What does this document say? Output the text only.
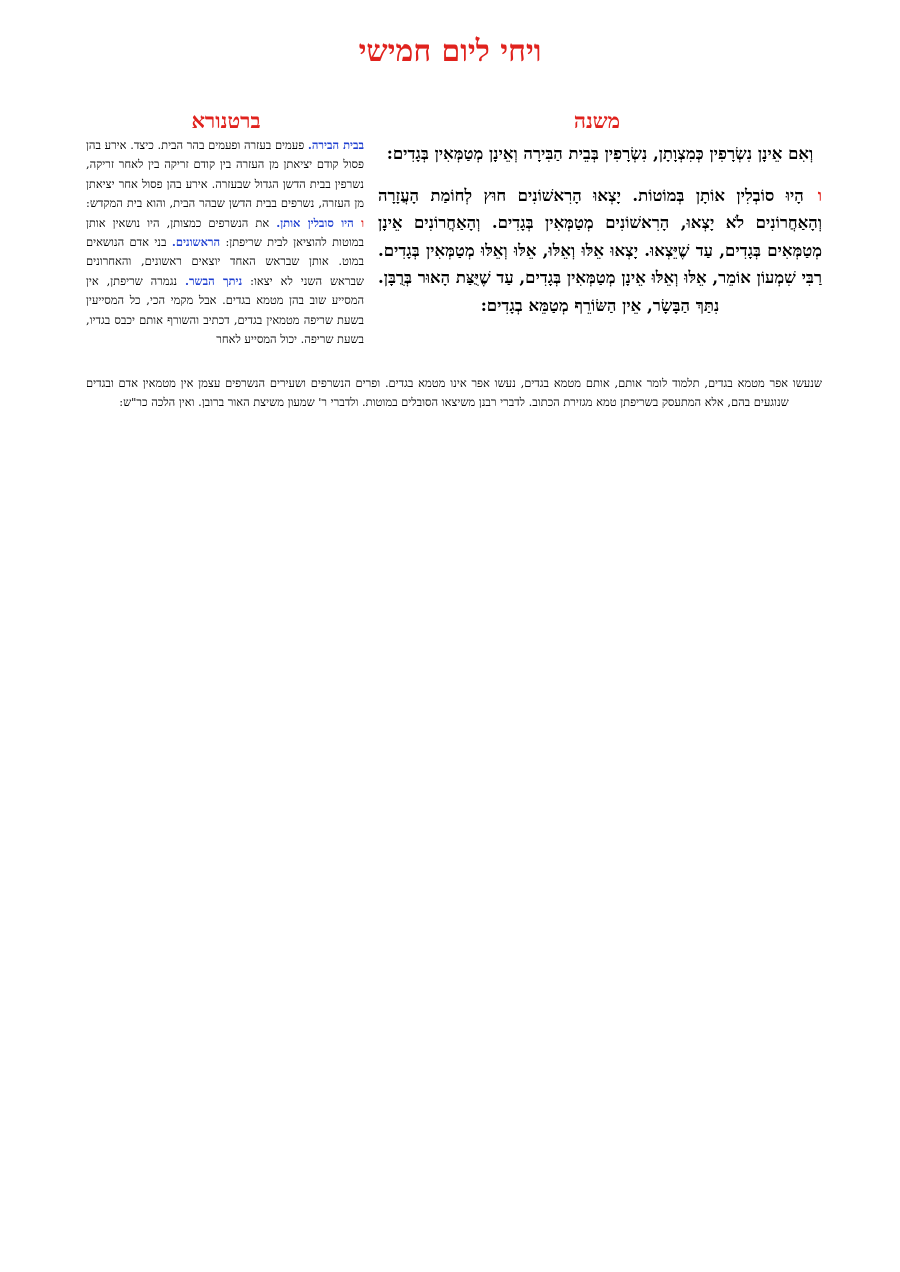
ויחי ליום חמישי
משנה
ברטנורא

וְאִם אֵינָן נִשְׂרָפִין כְּמִצְוָתָן, נִשְׂרָפִין בְּבֵית הַבִּירָה וְאֵינָן מְטַמְּאִין בְּגָדִים:

והָיוּ סוֹבְלִין אוֹתָן בְּמוֹטוֹת. יָצְאוּ הָרִאשׁוֹנִים חוּץ לְחוֹמַת הָעֲזָרָה וְהָאַחֲרוֹנִים לֹא יָצְאוּ, הָרִאשׁוֹנִים מְטַמְּאִין בְּגָדִים. וְהָאַחֲרוֹנִים אֵינָן מְטַמְּאִים בְּגָדִים, עַד שֶׁיֵּצְאוּ. יָצְאוּ אֵלּוּ וְאֵלּוּ, אֵלּוּ וְאֵלּוּ מְטַמְּאִין בְּגָדִים. רַבִּי שִׁמְעוֹן אוֹמֵר, אֵלּוּ וְאֵלּוּ אֵינָן מְטַמְּאִין בְּגָדִים, עַד שֶׁיֻּצַּת הָאוּר בְּרֻבָּן. נִתַּךְ הַבָּשָׂר, אֵין הַשּׂוֹרֵף מְטַמֵּא בְגָדִים:

בבית הבירה. פעמים בעזרה ופעמים בהר הבית. כיצד. אירע בהן פסול קודם יציאתן מן העזרה בין קודם זריקה בין לאחר זריקה, נשרפין בבית הדשן הגדול שבעזרה. אירע בהן פסול אחר יציאתן מן העזרה, נשרפים בבית הדשן שבהר הבית, והוא בית המקדש: ו היו סובלין אותן. את הנשרפים כמצותן, היו נושאין אותן במוטות להוציאן לבית שריפתן: הראשונים. בני אדם הנושאים במוט. אותן שבראש האחד יוצאים ראשונים, והאחרונים שבראש השני לא יצאו: ניתך הבשר. נגמרה שריפתן, אין המסייע שוב בהן מטמא בגדים. אבל מקמי הכי, כל המסייעין בשעת שריפה מטמאין בגדים, דכתיב והשורף אותם יכבס בגדיו, בשעת שריפה. יכול המסייע לאחר

שנעשו אפר מטמא בגדים, תלמוד לומר אותם, אותם מטמא בגדים, נעשו אפר אינו מטמא בגדים. ופרים הנשרפים ושעירים הנשרפים עצמן אין מטמאין אדם ובגדים שנוגעים בהם, אלא המתעסק בשריפתן טמא מגזירת הכתוב. לדברי רבנן משיצאו הסובלים במוטות. ולדברי ר' שמעון משיצת האור ברובן. ואין הלכה כר"ש:
